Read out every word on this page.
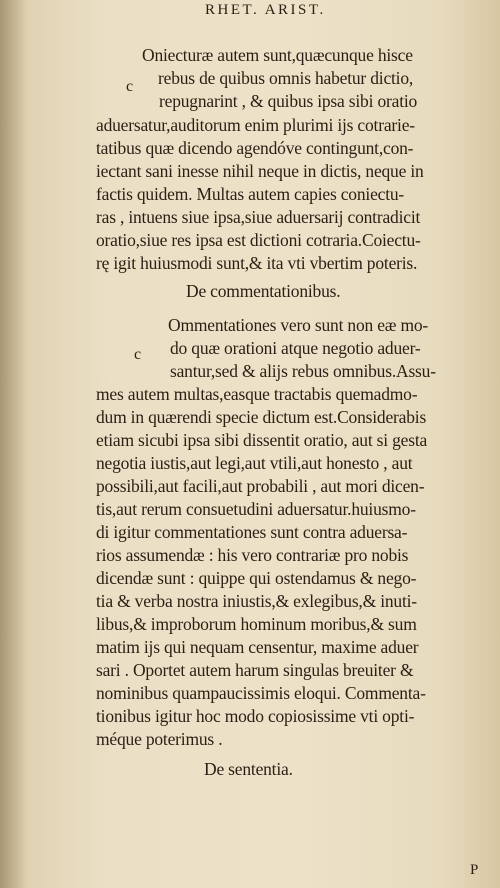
RHET. ARIST.
Oniecturæ autem sunt,quæcunque hisce
c rebus de quibus omnis habetur dictio,
repugnarint , & quibus ipsa sibi oratio
aduersatur,auditorum enim plurimi ijs cotrarie-
tatibus quæ dicendo agendóve contingunt,con-
iectant sani inesse nihil neque in dictis, neque in
factis quidem. Multas autem capies coniectu-
ras , intuens siue ipsa,siue aduersarij contradicit
oratio,siue res ipsa est dictioni cotraria.Coiectu-
rę igit huiusmodi sunt,& ita vti vbertim poteris.
De commentationibus.
Ommentationes vero sunt non eæ mo-
c do quæ orationi atque negotio aduer-
santur,sed & alijs rebus omnibus.Assu-
mes autem multas,easque tractabis quemadmo-
dum in quærendi specie dictum est.Considerabis
etiam sicubi ipsa sibi dissentit oratio, aut si gesta
negotia iustis,aut legi,aut vtili,aut honesto , aut
possibili,aut facili,aut probabili , aut mori dicen-
tis,aut rerum consuetudini aduersatur.huiusmo-
di igitur commentationes sunt contra aduersa-
rios assumendæ : his vero contrariæ pro nobis
dicendæ sunt : quippe qui ostendamus & nego-
tia & verba nostra iniustis,& exlegibus,& inuti-
libus,& improborum hominum moribus,& sum
matim ijs qui nequam censentur, maxime aduer
sari . Oportet autem harum singulas breuiter &
nominibus quampaucissimis eloqui. Commenta-
tionibus igitur hoc modo copiosissime vti opti-
méque poterimus .
De sententia.
P
